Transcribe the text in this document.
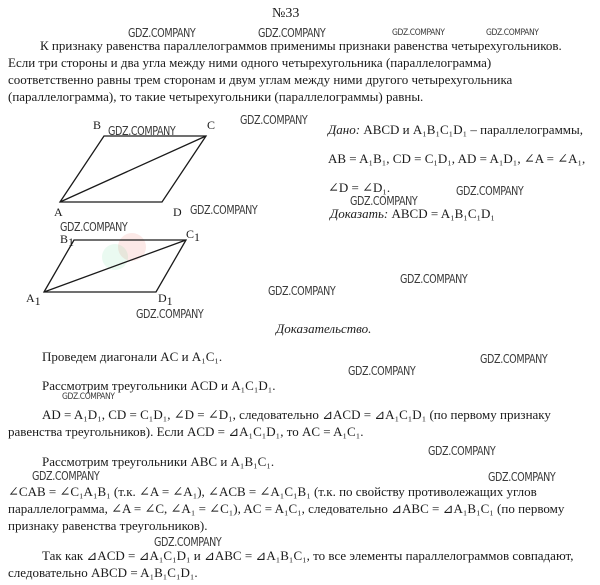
№33
К признаку равенства параллелограммов применимы признаки равенства четырехугольников.
Если три стороны и два угла между ними одного четырехугольника (параллелограмма)
соответственно равны трем сторонам и двум углам между ними другого четырехугольника
(параллелограмма), то такие четырехугольники (параллелограммы) равны.
B	C
A	D
B1
C1
A1	D1
Дано: ABCD и A₁B₁C₁D₁ – параллелограммы,
AB = A₁B₁, CD = C₁D₁, AD = A₁D₁, ∠A = ∠A₁,
∠D = ∠D₁.
Доказать: ABCD = A₁B₁C₁D₁
Доказательство.
Проведем диагонали AC и A₁C₁.
Рассмотрим треугольники ACD и A₁C₁D₁.
AD = A₁D₁, CD = C₁D₁, ∠D = ∠D₁, следовательно ⊿ACD = ⊿A₁C₁D₁ (по первому признаку
равенства треугольников). Если ACD = ⊿A₁C₁D₁, то AC = A₁C₁.
Рассмотрим треугольники ABC и A₁B₁C₁.
∠CAB = ∠C₁A₁B₁ (т.к. ∠A = ∠A₁), ∠ACB = ∠A₁C₁B₁ (т.к. по свойству противолежащих углов
параллелограмма, ∠A = ∠C, ∠A₁ = ∠C₁), AC = A₁C₁, следовательно ⊿ABC = ⊿A₁B₁C₁ (по первому
признаку равенства треугольников).
Так как ⊿ACD = ⊿A₁C₁D₁ и ⊿ABC = ⊿A₁B₁C₁, то все элементы параллелограммов совпадают,
следовательно ABCD = A₁B₁C₁D₁.
GDZ.COMPANY	GDZ.COMPANY	GDZ.COMPANY	GDZ.COMPANY
GDZ.COMPANY
GDZ.COMPANY
GDZ.COMPANY
GDZ.COMPANY
GDZ.COMPANY
GDZ.COMPANY
GDZ.COMPANY
GDZ.COMPANY
GDZ.COMPANY
GDZ.COMPANY
GDZ.COMPANY
GDZ.COMPANY
GDZ.COMPANY
GDZ.COMPANY	GDZ.COMPANY
GDZ.COMPANY
